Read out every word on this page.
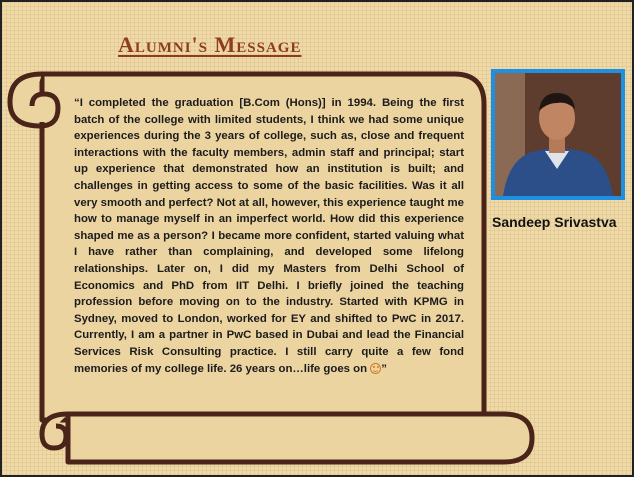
Alumni's Message

“I completed the graduation [B.Com (Hons)] in 1994. Being the first batch of the college with limited students, I think we had some unique experiences during the 3 years of college, such as, close and frequent interactions with the faculty members, admin staff and principal; start up experience that demonstrated how an institution is built; and challenges in getting access to some of the basic facilities. Was it all very smooth and perfect? Not at all, however, this experience taught me how to manage myself in an imperfect world. How did this experience shaped me as a person? I became more confident, started valuing what I have rather than complaining, and developed some lifelong relationships. Later on, I did my Masters from Delhi School of Economics and PhD from IIT Delhi. I briefly joined the teaching profession before moving on to the industry. Started with KPMG in Sydney, moved to London, worked for EY and shifted to PwC in 2017. Currently, I am a partner in PwC based in Dubai and lead the Financial Services Risk Consulting practice. I still carry quite a few fond memories of my college life. 26 years on…life goes on ”

Sandeep Srivastva
